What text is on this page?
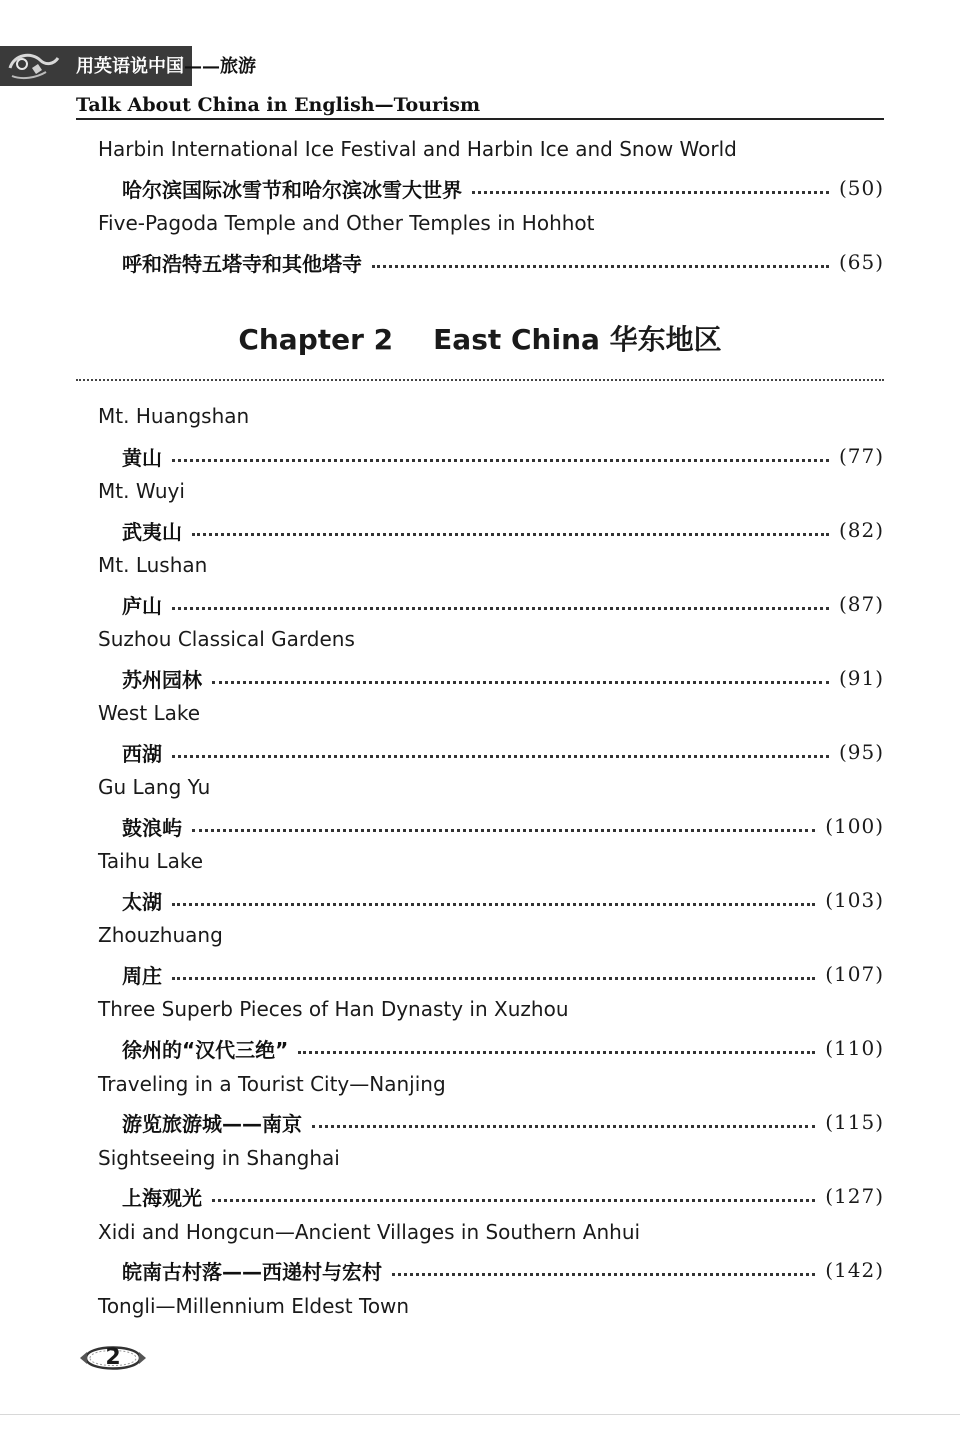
用英语说中国——旅游
Talk About China in English—Tourism
Harbin International Ice Festival and Harbin Ice and Snow World
哈尔滨国际冰雪节和哈尔滨冰雪大世界	(50)
Five-Pagoda Temple and Other Temples in Hohhot
呼和浩特五塔寺和其他塔寺	(65)
Chapter 2 East China 华东地区
Mt. Huangshan
黄山	(77)
Mt. Wuyi
武夷山	(82)
Mt. Lushan
庐山	(87)
Suzhou Classical Gardens
苏州园林	(91)
West Lake
西湖	(95)
Gu Lang Yu
鼓浪屿	(100)
Taihu Lake
太湖	(103)
Zhouzhuang
周庄	(107)
Three Superb Pieces of Han Dynasty in Xuzhou
徐州的“汉代三绝”	(110)
Traveling in a Tourist City—Nanjing
游览旅游城——南京	(115)
Sightseeing in Shanghai
上海观光	(127)
Xidi and Hongcun—Ancient Villages in Southern Anhui
皖南古村落——西递村与宏村	(142)
Tongli—Millennium Eldest Town
2
